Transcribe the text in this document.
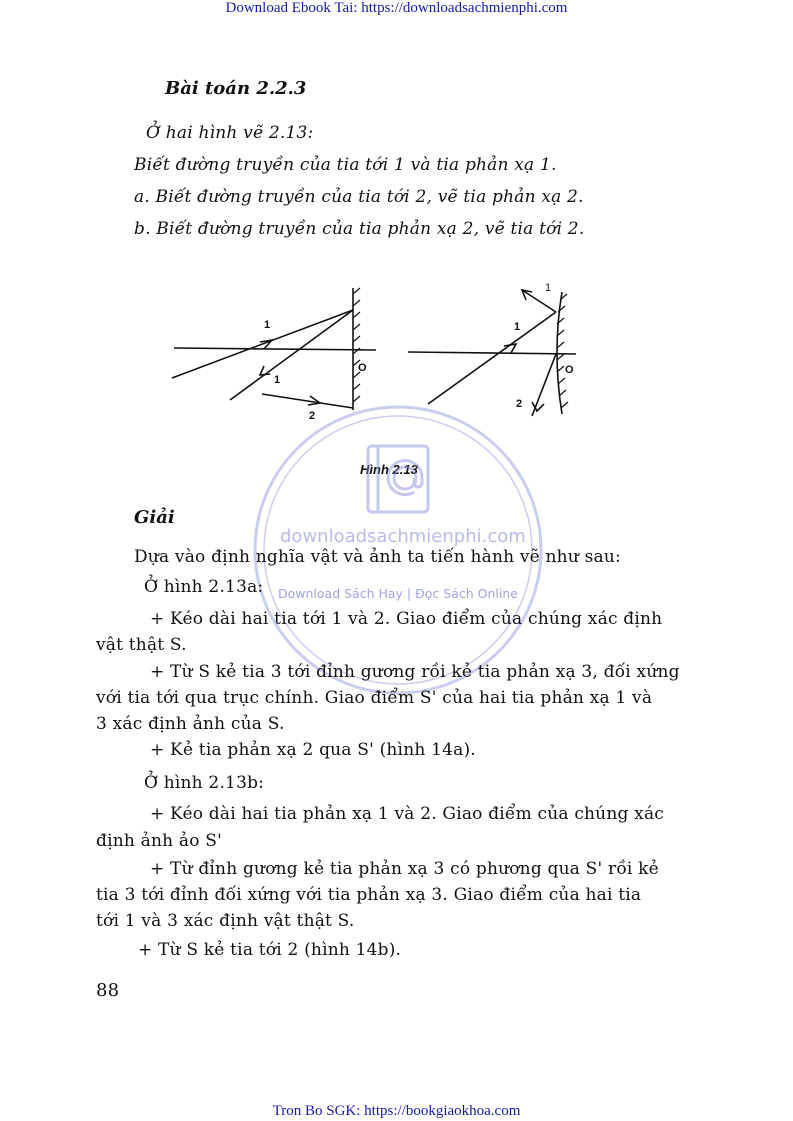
Download Ebook Tai: https://downloadsachmienphi.com
Tron Bo SGK: https://bookgiaokhoa.com
Bài toán 2.2.3
Ở hai hình vẽ 2.13:
Biết đường truyền của tia tới 1 và tia phản xạ 1.
a. Biết đường truyền của tia tới 2, vẽ tia phản xạ 2.
b. Biết đường truyền của tia phản xạ 2, vẽ tia tới 2.
1
1
2
O
1
1
2
O
Hình 2.13
downloadsachmienphi.com
Download Sách Hay | Đọc Sách Online
Giải
Dựa vào định nghĩa vật và ảnh ta tiến hành vẽ như sau:
Ở hình 2.13a:
+ Kéo dài hai tia tới 1 và 2. Giao điểm của chúng xác định
vật thật S.
+ Từ S kẻ tia 3 tới đỉnh gương rồi kẻ tia phản xạ 3, đối xứng
với tia tới qua trục chính. Giao điểm S' của hai tia phản xạ 1 và
3 xác định ảnh của S.
+ Kẻ tia phản xạ 2 qua S' (hình 14a).
Ở hình 2.13b:
+ Kéo dài hai tia phản xạ 1 và 2. Giao điểm của chúng xác
định ảnh ảo S'
+ Từ đỉnh gương kẻ tia phản xạ 3 có phương qua S' rồi kẻ
tia 3 tới đỉnh đối xứng với tia phản xạ 3. Giao điểm của hai tia
tới 1 và 3 xác định vật thật S.
+ Từ S kẻ tia tới 2 (hình 14b).
88
